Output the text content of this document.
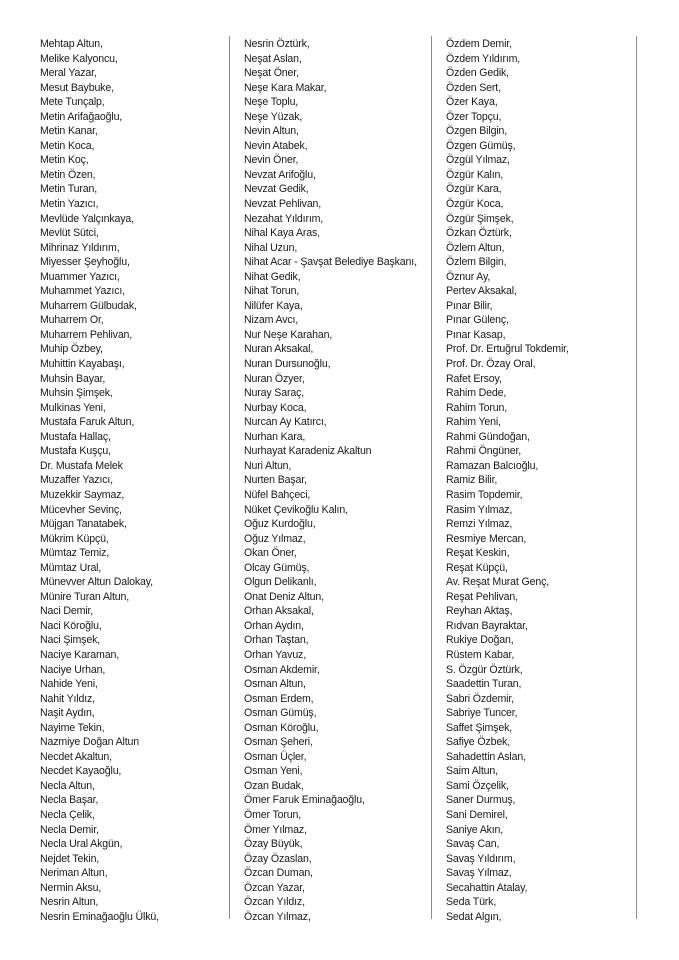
Mehtap Altun,
Melike Kalyoncu,
Meral Yazar,
Mesut Baybuke,
Mete Tunçalp,
Metin Arifağaoğlu,
Metin Kanar,
Metin Koca,
Metin Koç,
Metin Özen,
Metin Turan,
Metin Yazıcı,
Mevlüde Yalçınkaya,
Mevlüt Sütci,
Mihrinaz Yıldırım,
Miyesser Şeyhoğlu,
Muammer Yazıcı,
Muhammet Yazıcı,
Muharrem Gülbudak,
Muharrem Or,
Muharrem Pehlivan,
Muhip Özbey,
Muhittin Kayabaşı,
Muhsin Bayar,
Muhsin Şimşek,
Mulkinas Yeni,
Mustafa Faruk Altun,
Mustafa Hallaç,
Mustafa Kuşçu,
Dr. Mustafa Melek
Muzaffer Yazıcı,
Muzekkir Saymaz,
Mücevher Sevinç,
Müjgan Tanatabek,
Mükrim Küpçü,
Mümtaz Temiz,
Mümtaz Ural,
Münevver Altun Dalokay,
Münire Turan Altun,
Naci Demir,
Naci Köroğlu,
Naci Şimşek,
Naciye Karaman,
Naciye Urhan,
Nahide Yeni,
Nahit Yıldız,
Naşit Aydın,
Nayime Tekin,
Nazmiye Doğan Altun
Necdet Akaltun,
Necdet Kayaoğlu,
Necla Altun,
Necla Başar,
Necla Çelik,
Necla Demir,
Necla Ural Akgün,
Nejdet Tekin,
Neriman Altun,
Nermin Aksu,
Nesrin Altun,
Nesrin Eminağaoğlu Ülkü,
Nesrin Öztürk,
Neşat Aslan,
Neşat Öner,
Neşe Kara Makar,
Neşe Toplu,
Neşe Yüzak,
Nevin Altun,
Nevin Atabek,
Nevin Öner,
Nevzat Arifoğlu,
Nevzat Gedik,
Nevzat Pehlivan,
Nezahat Yıldırım,
Nihal Kaya Aras,
Nihal Uzun,
Nihat Acar - Şavşat Belediye Başkanı,
Nihat Gedik,
Nihat Torun,
Nilüfer Kaya,
Nizam Avcı,
Nur Neşe Karahan,
Nuran Aksakal,
Nuran Dursunoğlu,
Nuran Özyer,
Nuray Saraç,
Nurbay Koca,
Nurcan Ay Katırcı,
Nurhan Kara,
Nurhayat Karadeniz Akaltun
Nuri Altun,
Nurten Başar,
Nüfel Bahçeci,
Nüket Çevikoğlu Kalın,
Oğuz Kurdoğlu,
Oğuz Yılmaz,
Okan Öner,
Olcay Gümüş,
Olgun Delikanlı,
Onat Deniz Altun,
Orhan Aksakal,
Orhan Aydın,
Orhan Taştan,
Orhan Yavuz,
Osman Akdemir,
Osman Altun,
Osman Erdem,
Osman Gümüş,
Osman Köroğlu,
Osman Şeheri,
Osman Üçler,
Osman Yeni,
Ozan Budak,
Ömer Faruk Eminağaoğlu,
Ömer Torun,
Ömer Yılmaz,
Özay Büyük,
Özay Özaslan,
Özcan Duman,
Özcan Yazar,
Özcan Yıldız,
Özcan Yılmaz,
Özdem Demir,
Özdem Yıldırım,
Özden Gedik,
Özden Sert,
Özer Kaya,
Özer Topçu,
Özgen Bilgin,
Özgen Gümüş,
Özgül Yılmaz,
Özgür Kalın,
Özgür Kara,
Özgür Koca,
Özgür Şimşek,
Özkan Öztürk,
Özlem Altun,
Özlem Bilgin,
Öznur Ay,
Pertev Aksakal,
Pınar Bilir,
Pınar Gülenç,
Pınar Kasap,
Prof. Dr. Ertuğrul Tokdemir,
Prof. Dr. Özay Oral,
Rafet Ersoy,
Rahim Dede,
Rahim Torun,
Rahim Yeni,
Rahmi Gündoğan,
Rahmi Öngüner,
Ramazan Balcıoğlu,
Ramiz Bilir,
Rasim Topdemir,
Rasim Yılmaz,
Remzi Yılmaz,
Resmiye Mercan,
Reşat Keskin,
Reşat Küpçü,
Av. Reşat Murat Genç,
Reşat Pehlivan,
Reyhan Aktaş,
Rıdvan Bayraktar,
Rukiye Doğan,
Rüstem Kabar,
S. Özgür Öztürk,
Saadettin Turan,
Sabri Özdemir,
Sabriye Tuncer,
Saffet Şimşek,
Safiye Özbek,
Sahadettin Aslan,
Saim Altun,
Sami Özçelik,
Saner Durmuş,
Sani Demirel,
Saniye Akın,
Savaş Can,
Savaş Yıldırım,
Savaş Yılmaz,
Secahattin Atalay,
Seda Türk,
Sedat Algın,
